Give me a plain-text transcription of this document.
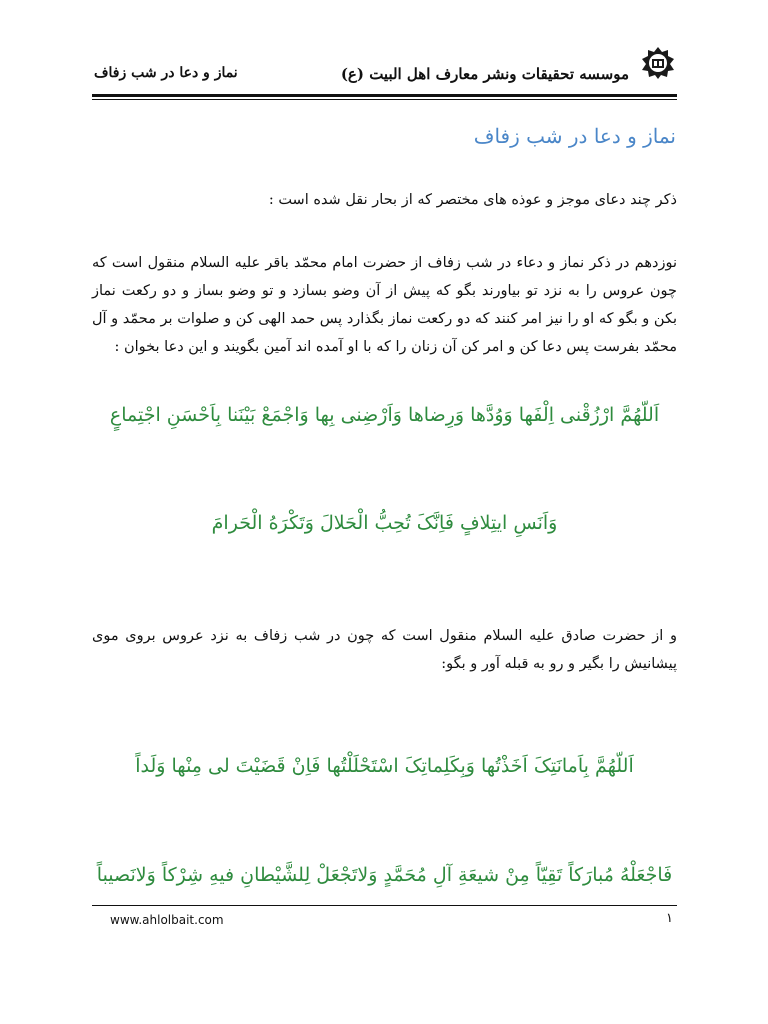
موسسه تحقیقات ونشر معارف اهل البیت (ع)
نماز و دعا در شب زفاف
نماز و دعا در شب زفاف

ذکر چند دعای موجز و عوذه های مختصر که از بحار نقل شده است :

نوزدهم در ذکر نماز و دعاء در شب زفاف از حضرت امام محمّد باقر علیه السلام منقول است که چون عروس را به نزد تو بیاورند بگو که پیش از آن وضو بسازد و تو وضو بساز و دو رکعت نماز بکن و بگو که او را نیز امر کنند که دو رکعت نماز بگذارد پس حمد الهی کن و صلوات بر محمّد و آل محمّد بفرست پس دعا کن و امر کن آن زنان را که با او آمده اند آمین بگویند و این دعا بخوان :

اَللّهُمَّ ارْزُقْنی اِلْفَها وَوُدَّها وَرِضاها وَاَرْضِنی بِها وَاجْمَعْ بَیْنَنا بِاَحْسَنِ اجْتِماعٍ

وَاَنَسِ ایتِلافٍ فَاِنَّکَ تُحِبُّ الْحَلالَ وَتَکْرَهُ الْحَرامَ

و از حضرت صادق علیه السلام منقول است که چون در شب زفاف به نزد عروس بروی موی پیشانیش را بگیر و رو به قبله آور و بگو:

اَللّهُمَّ بِاَمانَتِکَ اَخَذْتُها وَبِکَلِماتِکَ اسْتَحْلَلْتُها فَاِنْ قَضَیْتَ لی مِنْها وَلَداً

فَاجْعَلْهُ مُبارَکاً تَقِیّاً مِنْ شیعَةِ آلِ مُحَمَّدٍ وَلاتَجْعَلْ لِلشَّیْطانِ فیهِ شِرْکاً وَلانَصیباً

www.ahlolbait.com	۱
